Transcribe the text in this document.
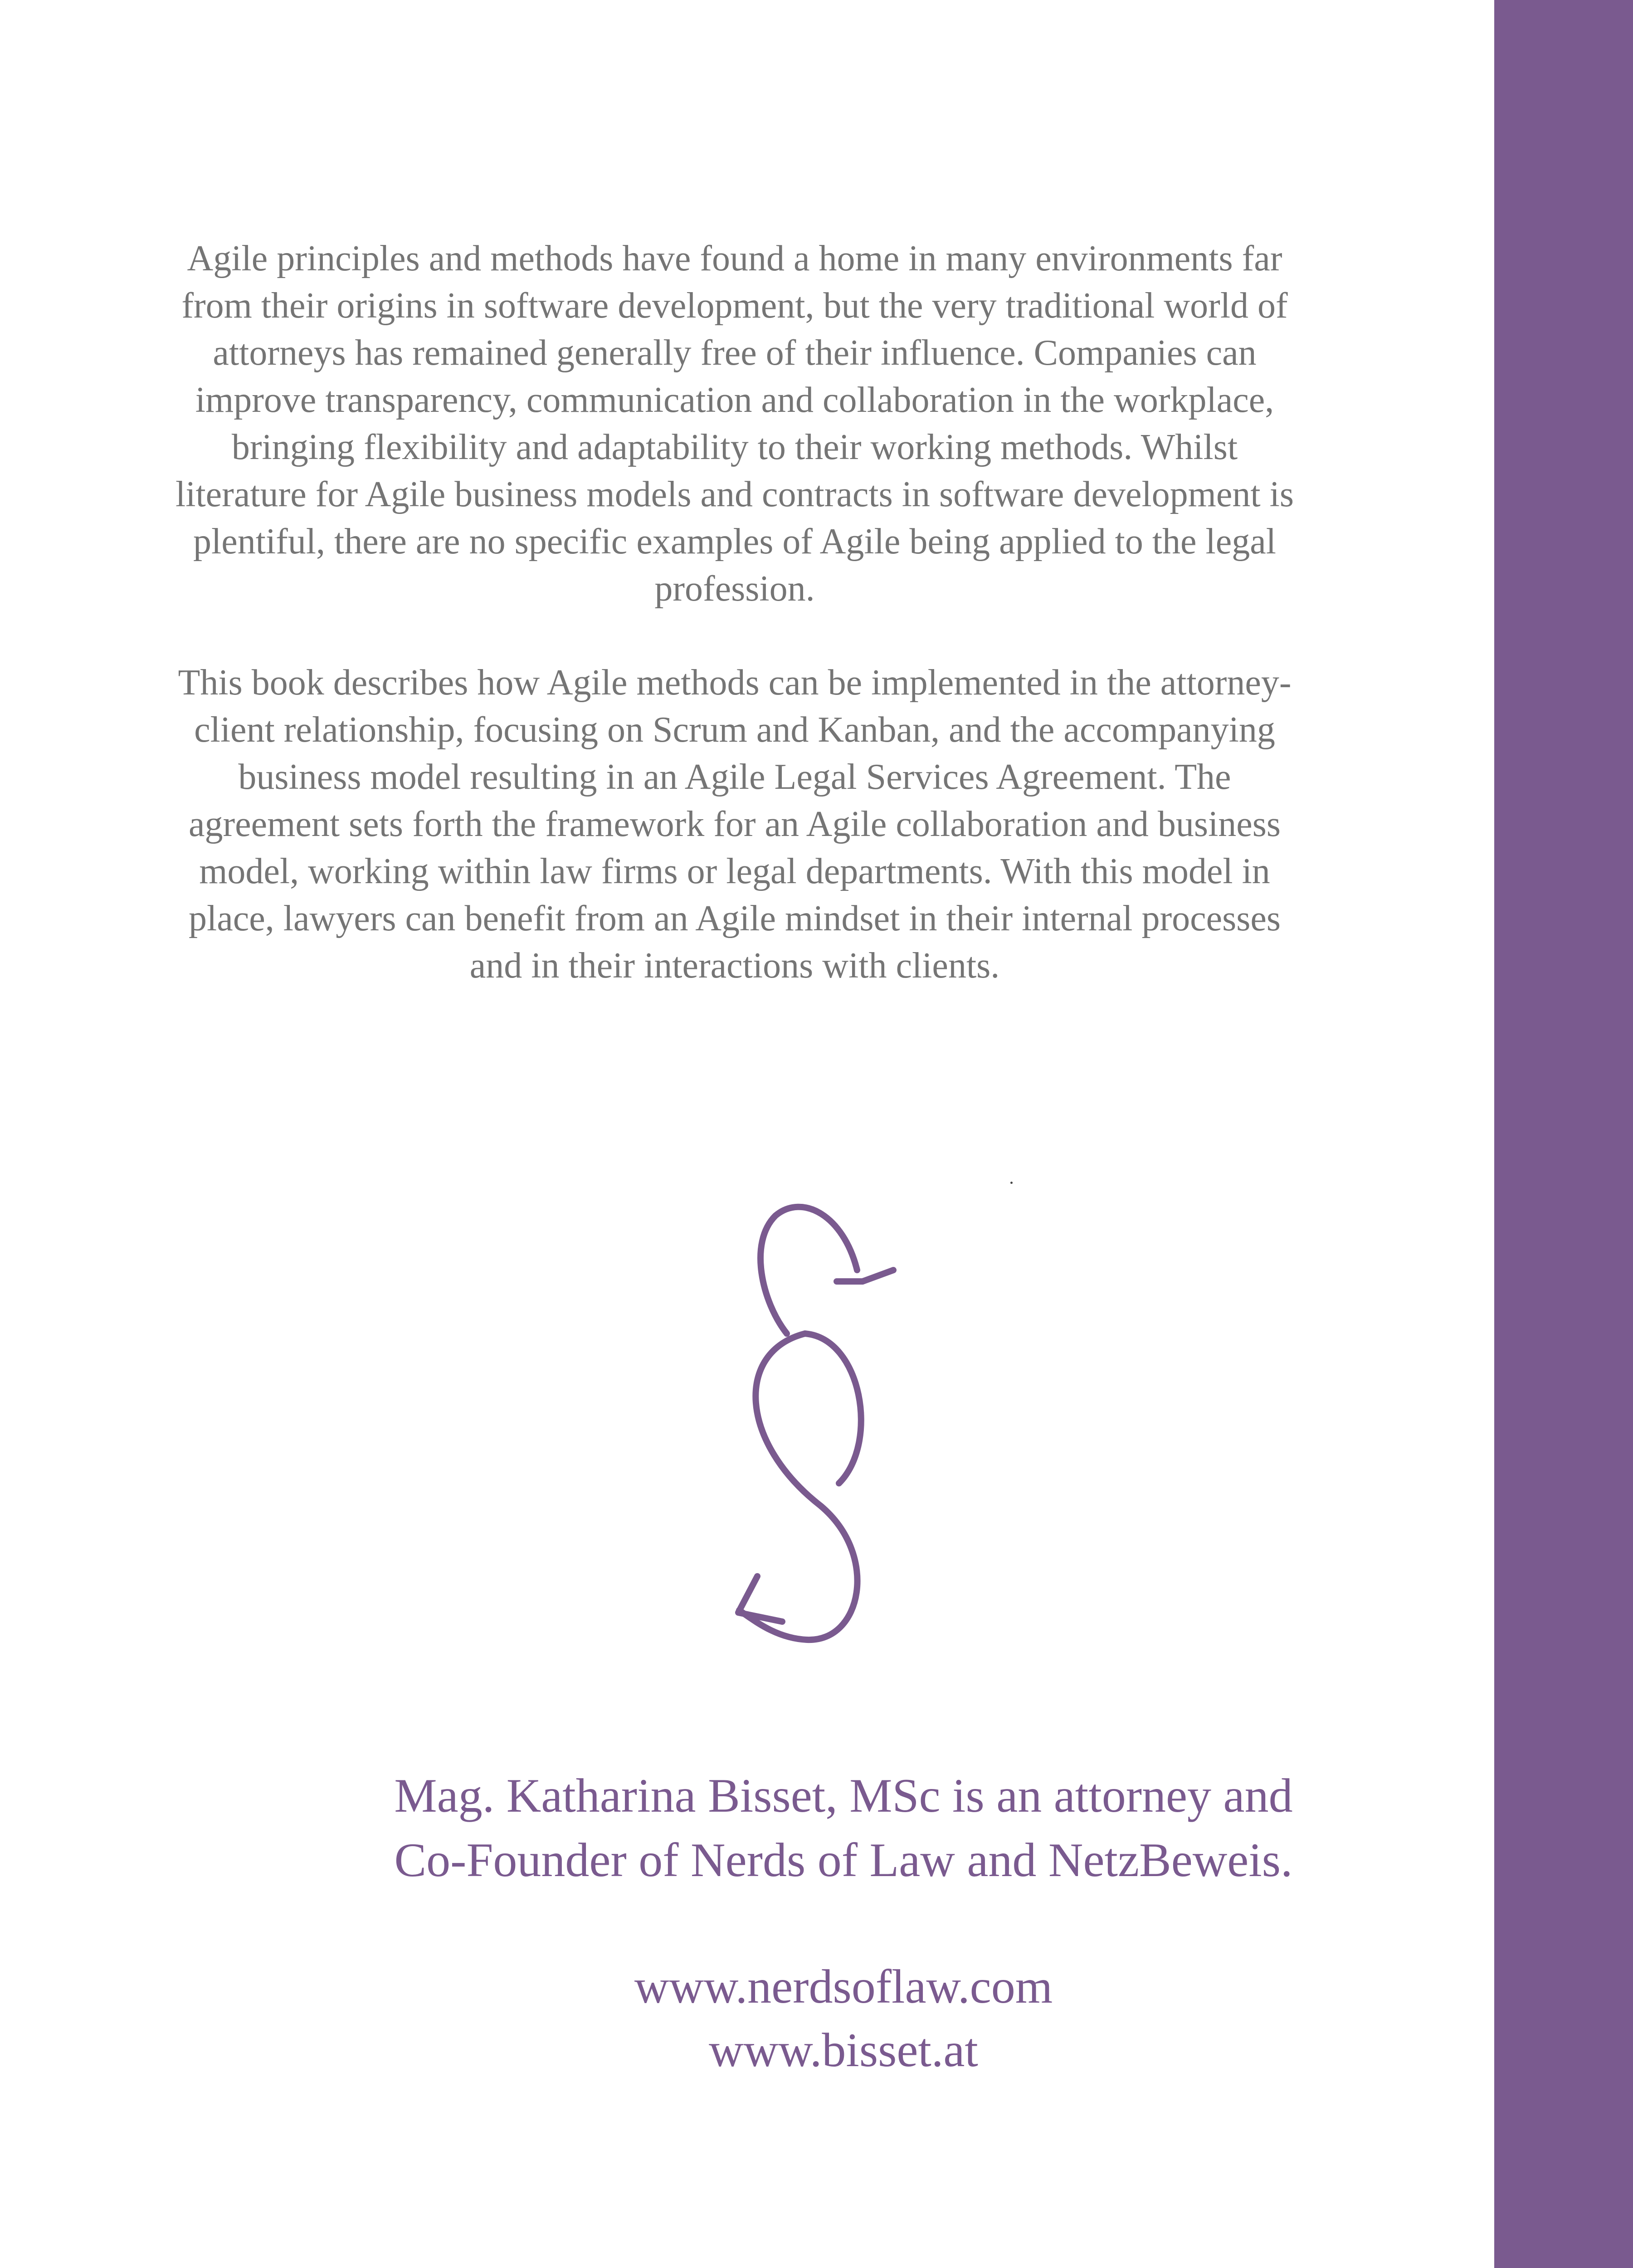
Agile principles and methods have found a home in many environments far from their origins in software development, but the very traditional world of attorneys has remained generally free of their influence. Companies can improve transparency, communication and collaboration in the workplace, bringing flexibility and adaptability to their working methods. Whilst literature for Agile business models and contracts in software development is plentiful, there are no specific examples of Agile being applied to the legal profession.

This book describes how Agile methods can be implemented in the attorney-client relationship, focusing on Scrum and Kanban, and the accompanying business model resulting in an Agile Legal Services Agreement. The agreement sets forth the framework for an Agile collaboration and business model, working within law firms or legal departments. With this model in place, lawyers can benefit from an Agile mindset in their internal processes and in their interactions with clients.

Mag. Katharina Bisset, MSc is an attorney and
Co-Founder of Nerds of Law and NetzBeweis.
www.nerdsoflaw.com
www.bisset.at
